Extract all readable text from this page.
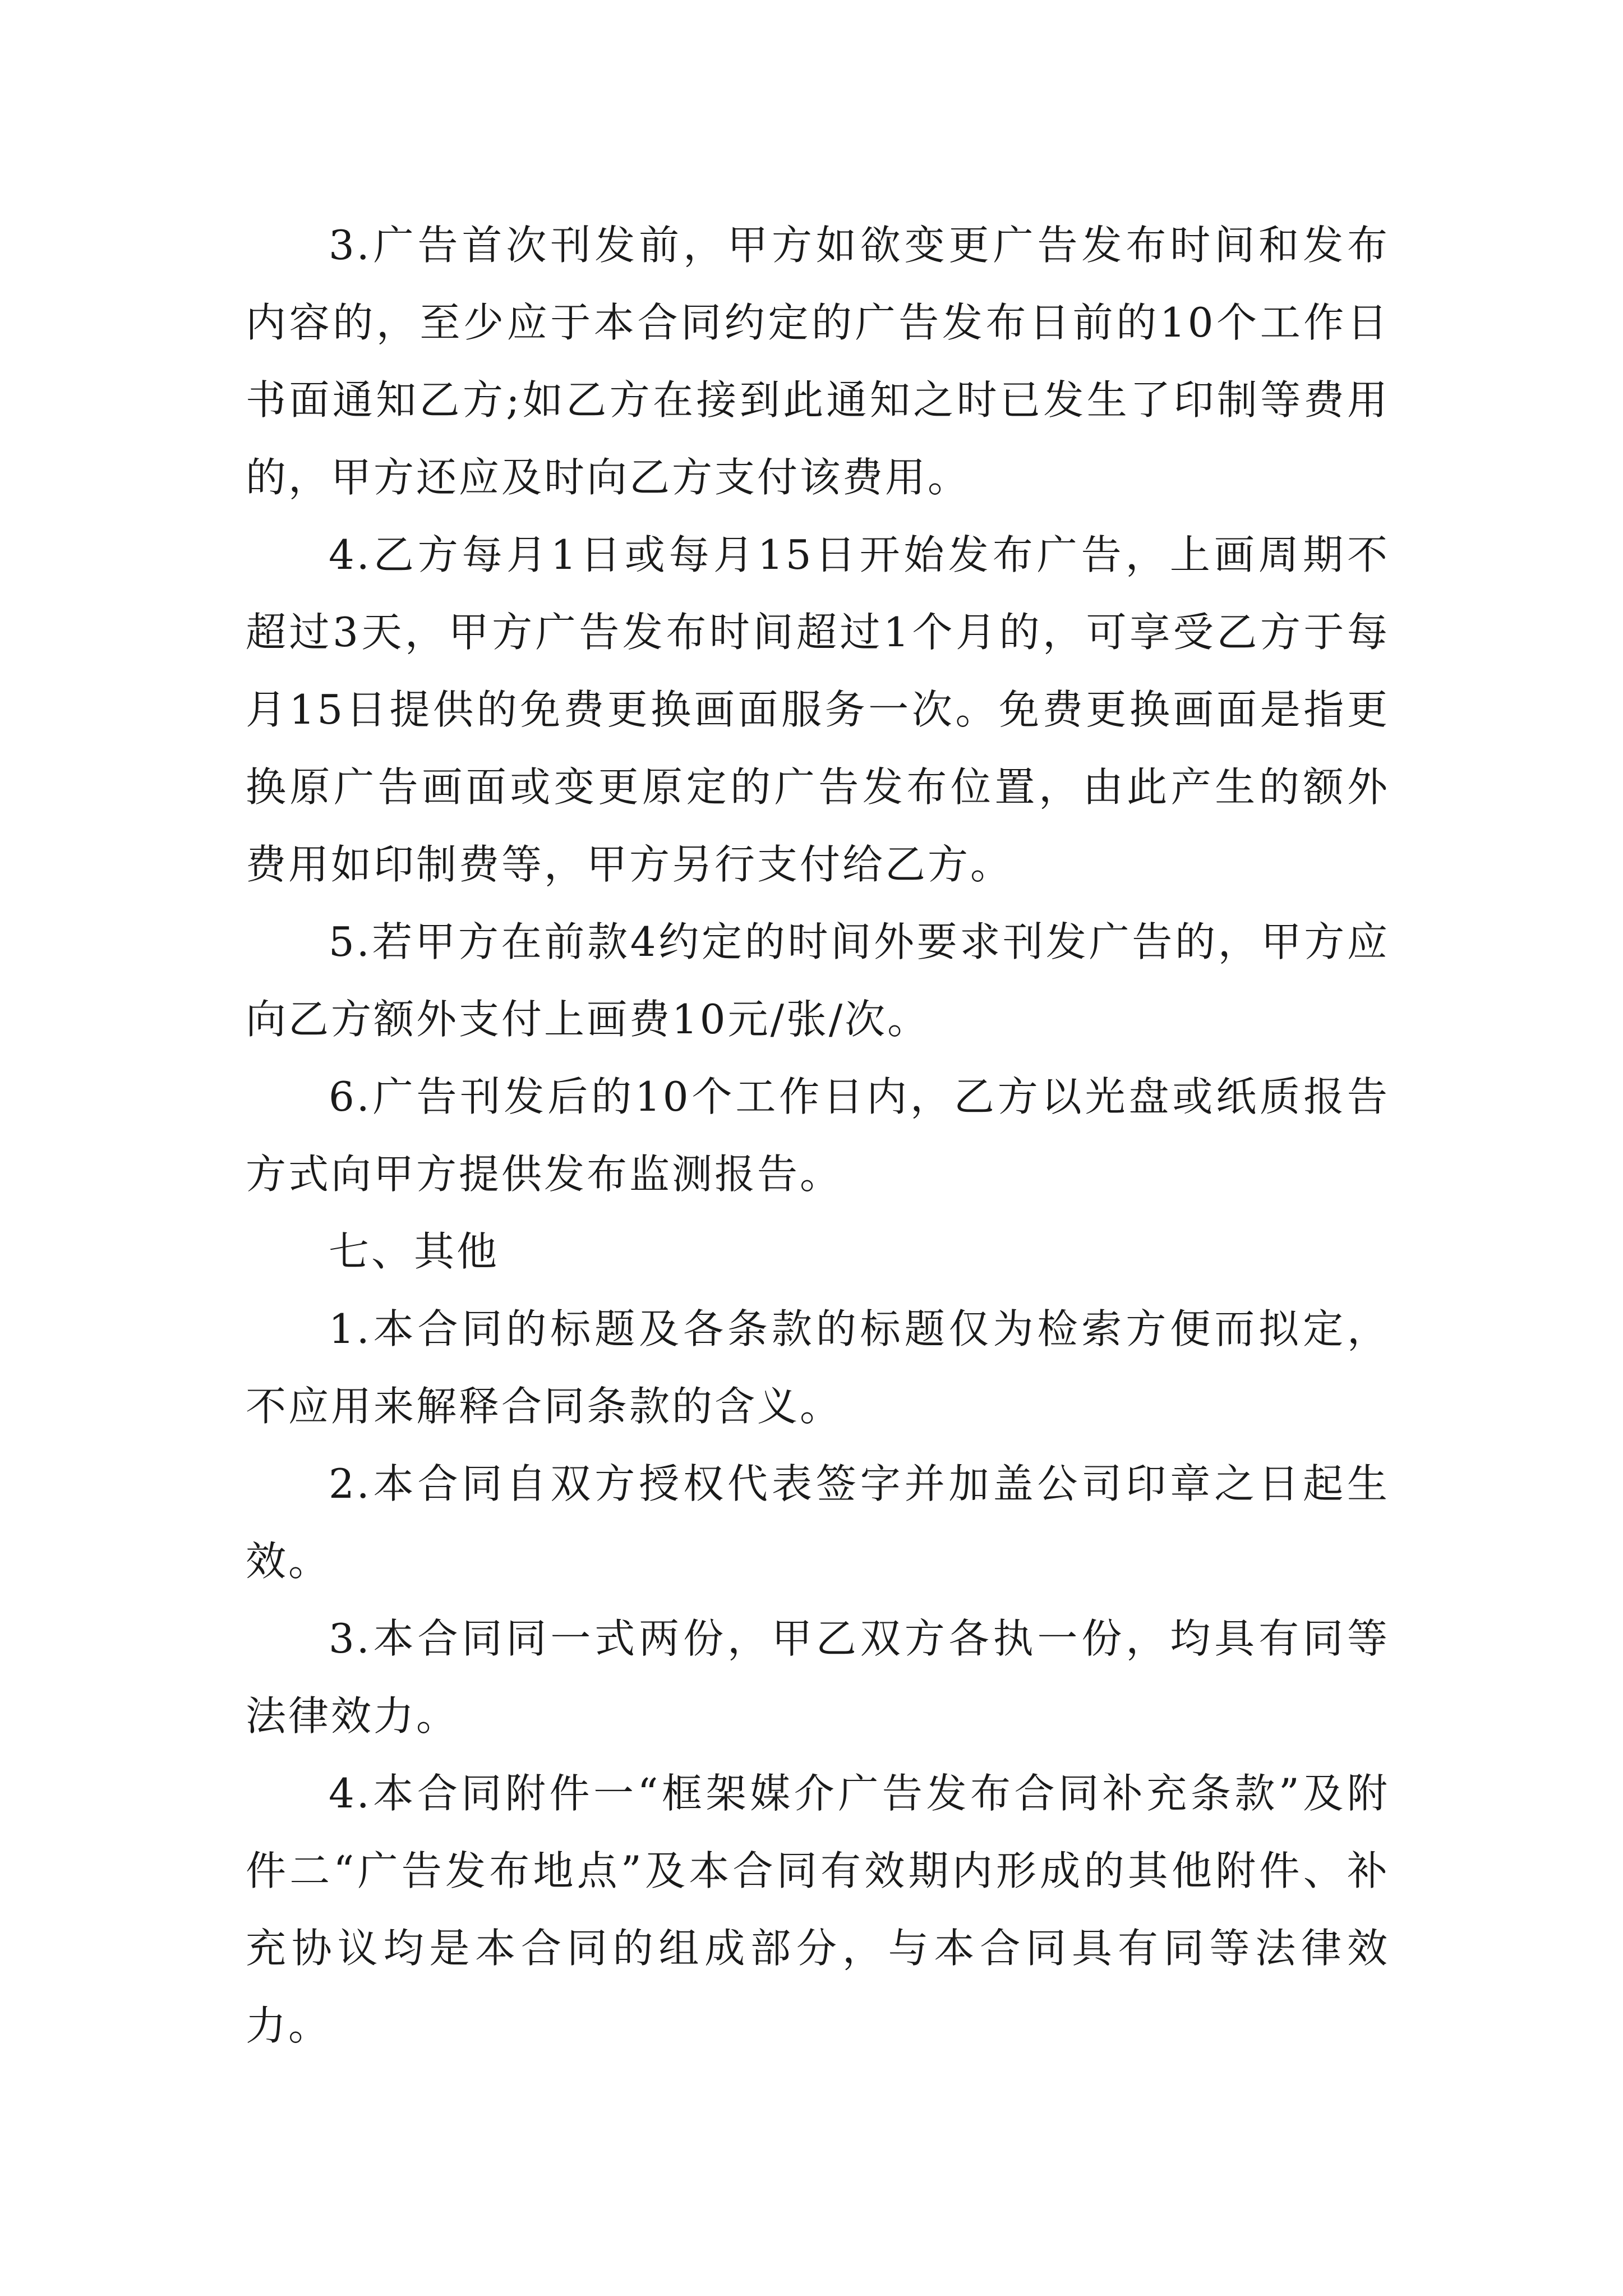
3.广告首次刊发前，甲方如欲变更广告发布时间和发布内容的，至少应于本合同约定的广告发布日前的10个工作日书面通知乙方;如乙方在接到此通知之时已发生了印制等费用的，甲方还应及时向乙方支付该费用。

4.乙方每月1日或每月15日开始发布广告，上画周期不超过3天，甲方广告发布时间超过1个月的，可享受乙方于每月15日提供的免费更换画面服务一次。免费更换画面是指更换原广告画面或变更原定的广告发布位置，由此产生的额外费用如印制费等，甲方另行支付给乙方。

5.若甲方在前款4约定的时间外要求刊发广告的，甲方应向乙方额外支付上画费10元/张/次。

6.广告刊发后的10个工作日内，乙方以光盘或纸质报告方式向甲方提供发布监测报告。

七、其他

1.本合同的标题及各条款的标题仅为检索方便而拟定，不应用来解释合同条款的含义。

2.本合同自双方授权代表签字并加盖公司印章之日起生效。

3.本合同同一式两份，甲乙双方各执一份，均具有同等法律效力。

4.本合同附件一“框架媒介广告发布合同补充条款”及附件二“广告发布地点”及本合同有效期内形成的其他附件、补充协议均是本合同的组成部分，与本合同具有同等法律效力。
